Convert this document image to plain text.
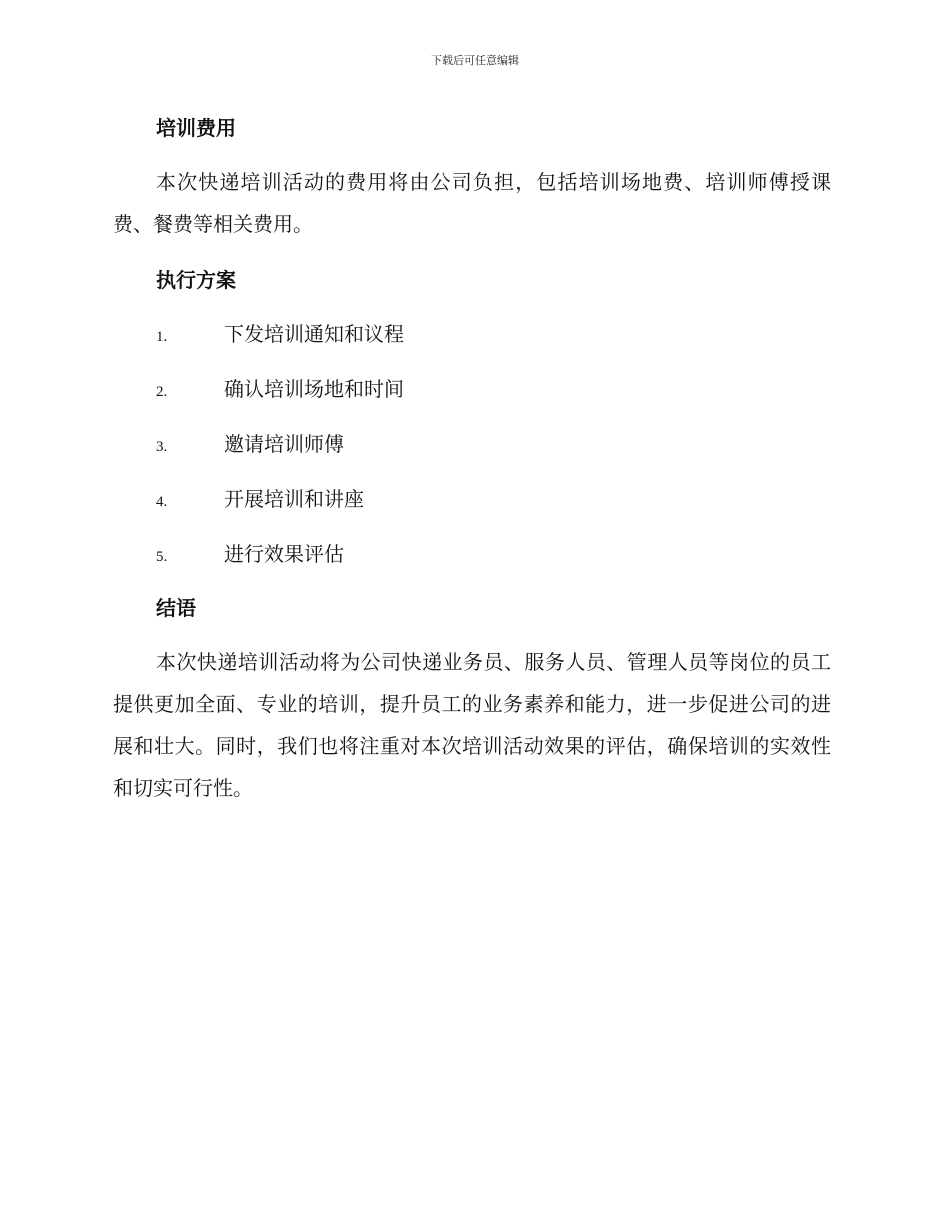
下载后可任意编辑
培训费用
本次快递培训活动的费用将由公司负担，包括培训场地费、培训师傅授课费、餐费等相关费用。
执行方案
1.	下发培训通知和议程
2.	确认培训场地和时间
3.	邀请培训师傅
4.	开展培训和讲座
5.	进行效果评估
结语
本次快递培训活动将为公司快递业务员、服务人员、管理人员等岗位的员工提供更加全面、专业的培训，提升员工的业务素养和能力，进一步促进公司的进展和壮大。同时，我们也将注重对本次培训活动效果的评估，确保培训的实效性和切实可行性。
